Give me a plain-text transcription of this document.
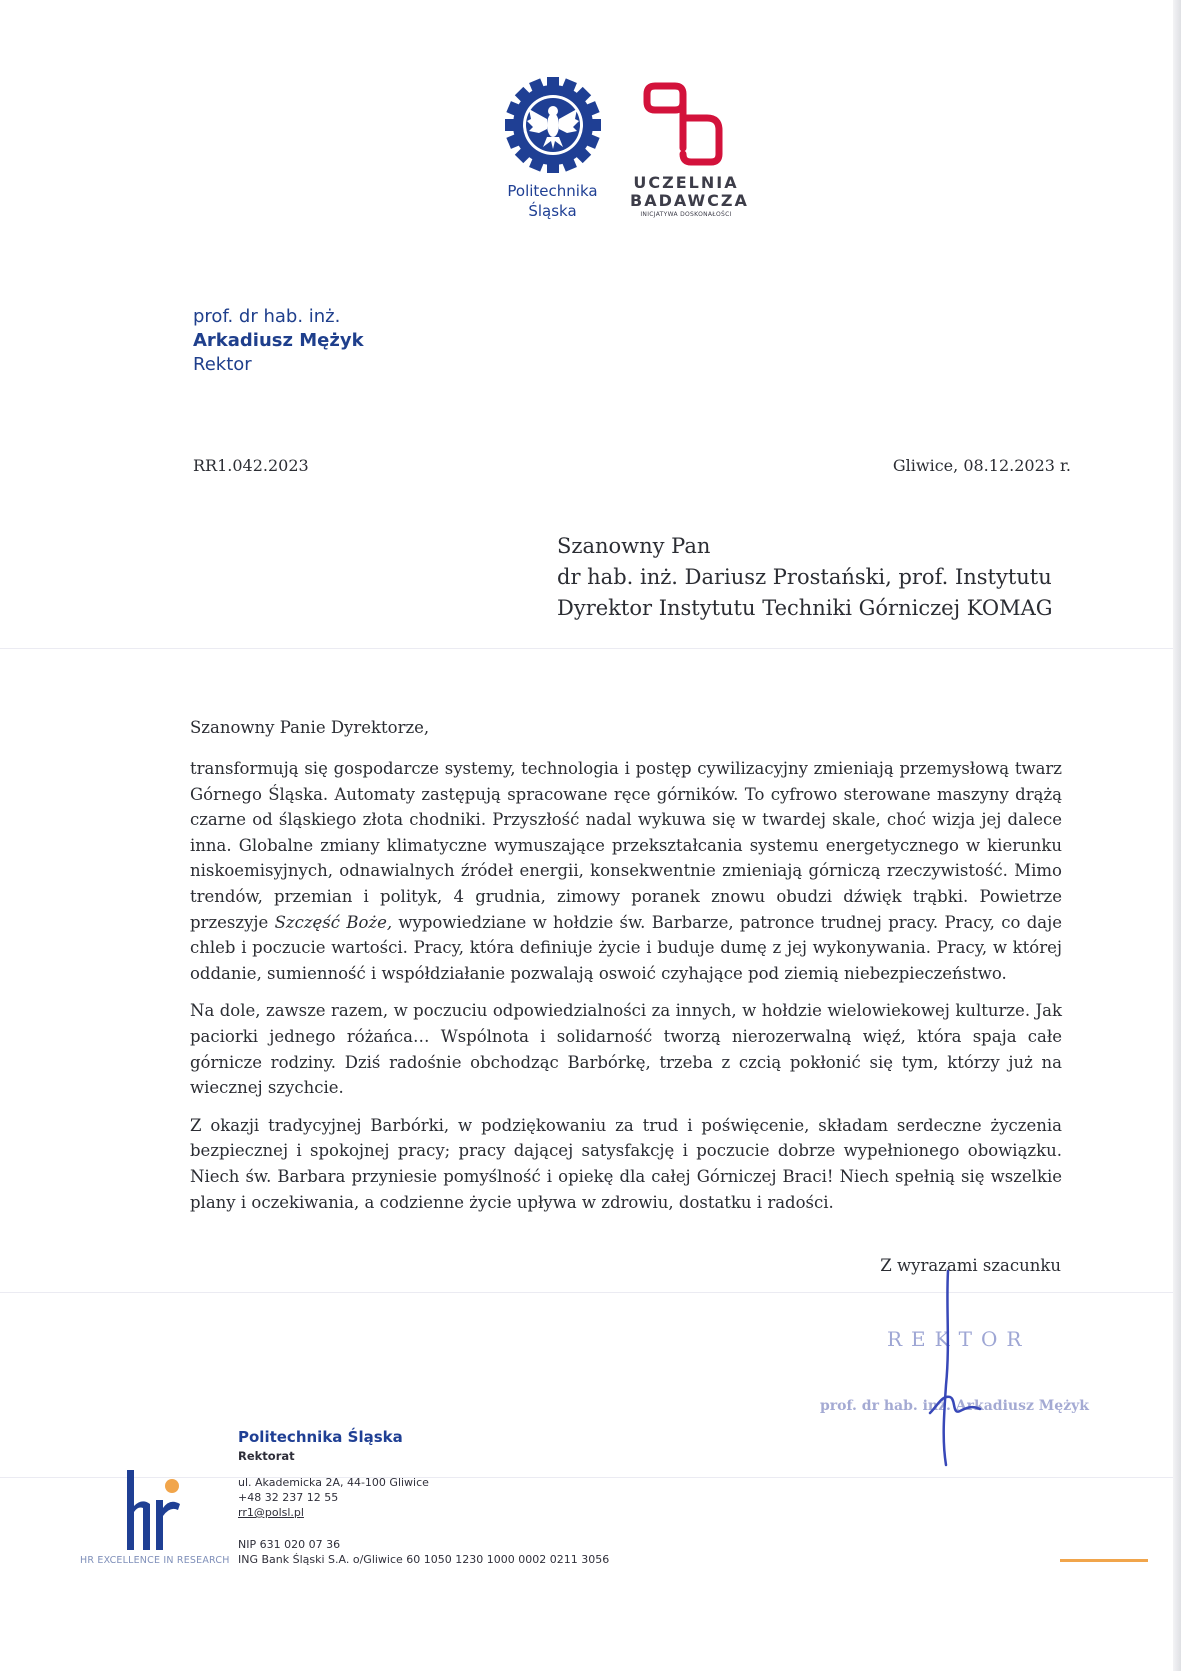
Politechnika
Śląska
UCZELNIA
BADAWCZA
INICJATYWA DOSKONAŁOŚCI
prof. dr hab. inż.
Arkadiusz Mężyk
Rektor
RR1.042.2023	Gliwice, 08.12.2023 r.
Szanowny Pan
dr hab. inż. Dariusz Prostański, prof. Instytutu
Dyrektor Instytutu Techniki Górniczej KOMAG
Szanowny Panie Dyrektorze,

transformują się gospodarcze systemy, technologia i postęp cywilizacyjny zmieniają przemysłową twarz Górnego Śląska. Automaty zastępują spracowane ręce górników. To cyfrowo sterowane maszyny drążą czarne od śląskiego złota chodniki. Przyszłość nadal wykuwa się w twardej skale, choć wizja jej dalece inna. Globalne zmiany klimatyczne wymuszające przekształcania systemu energetycznego w kierunku niskoemisyjnych, odnawialnych źródeł energii, konsekwentnie zmieniają górniczą rzeczywistość. Mimo trendów, przemian i polityk, 4 grudnia, zimowy poranek znowu obudzi dźwięk trąbki. Powietrze przeszyje Szczęść Boże, wypowiedziane w hołdzie św. Barbarze, patronce trudnej pracy. Pracy, co daje chleb i poczucie wartości. Pracy, która definiuje życie i buduje dumę z jej wykonywania. Pracy, w której oddanie, sumienność i współdziałanie pozwalają oswoić czyhające pod ziemią niebezpieczeństwo.

Na dole, zawsze razem, w poczuciu odpowiedzialności za innych, w hołdzie wielowiekowej kulturze. Jak paciorki jednego różańca… Wspólnota i solidarność tworzą nierozerwalną więź, która spaja całe górnicze rodziny. Dziś radośnie obchodząc Barbórkę, trzeba z czcią pokłonić się tym, którzy już na wiecznej szychcie.

Z okazji tradycyjnej Barbórki, w podziękowaniu za trud i poświęcenie, składam serdeczne życzenia bezpiecznej i spokojnej pracy; pracy dającej satysfakcję i poczucie dobrze wypełnionego obowiązku. Niech św. Barbara przyniesie pomyślność i opiekę dla całej Górniczej Braci! Niech spełnią się wszelkie plany i oczekiwania, a codzienne życie upływa w zdrowiu, dostatku i radości.

Z wyrazami szacunku
REKTOR
prof. dr hab. inż. Arkadiusz Mężyk
Politechnika Śląska
Rektorat
ul. Akademicka 2A, 44-100 Gliwice
+48 32 237 12 55
rr1@polsl.pl
NIP 631 020 07 36
ING Bank Śląski S.A. o/Gliwice 60 1050 1230 1000 0002 0211 3056
HR EXCELLENCE IN RESEARCH
